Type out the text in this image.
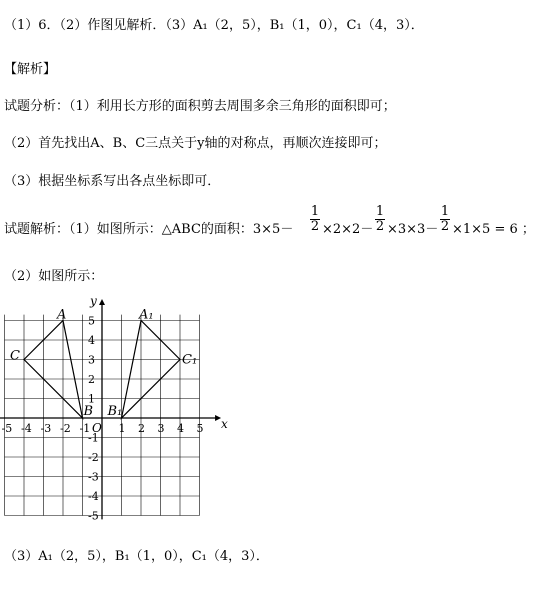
（1）6．（2）作图见解析．（3）A₁（2，5），B₁（1，0），C₁（4，3）．
【解析】
试题分析：（1）利用长方形的面积剪去周围多余三角形的面积即可；
（2）首先找出A、B、C三点关于y轴的对称点，再顺次连接即可；
（3）根据坐标系写出各点坐标即可．
试题解析：（1）如图所示：△ABC的面积：3×5－
1
2 ×2×2－
1
2 ×3×3－
1
2 ×1×5 = 6 ；
（2）如图所示：
-5 -4 -3 -2 -1	1 2 3 4 5
5
4
3
2
1
-1
-2
-3
-4
-5
A
B
C
A₁
B₁
C₁
x
y
O
（3）A₁（2，5），B₁（1，0），C₁（4，3）．
